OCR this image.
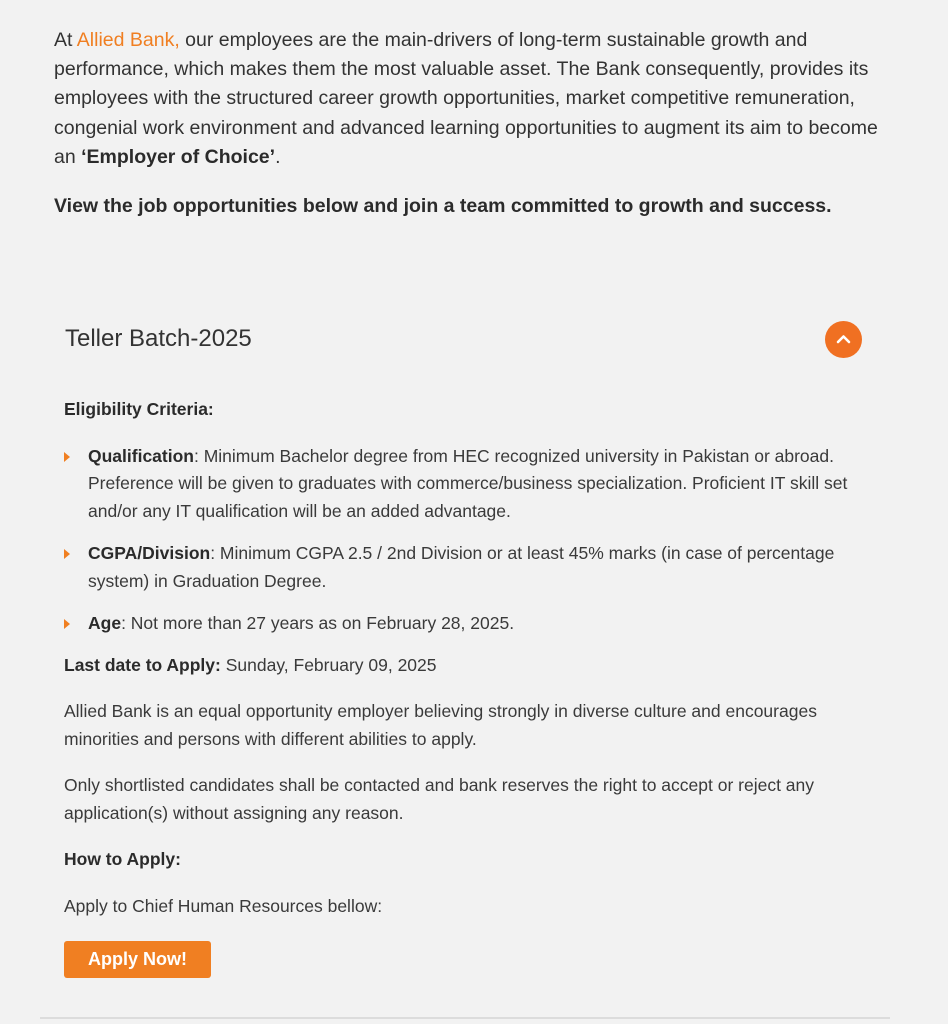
At Allied Bank, our employees are the main-drivers of long-term sustainable growth and performance, which makes them the most valuable asset. The Bank consequently, provides its employees with the structured career growth opportunities, market competitive remuneration, congenial work environment and advanced learning opportunities to augment its aim to become an ‘Employer of Choice’.

View the job opportunities below and join a team committed to growth and success.

Teller Batch-2025

Eligibility Criteria:

Qualification: Minimum Bachelor degree from HEC recognized university in Pakistan or abroad. Preference will be given to graduates with commerce/business specialization. Proficient IT skill set and/or any IT qualification will be an added advantage.
CGPA/Division: Minimum CGPA 2.5 / 2nd Division or at least 45% marks (in case of percentage system) in Graduation Degree.
Age: Not more than 27 years as on February 28, 2025.

Last date to Apply: Sunday, February 09, 2025

Allied Bank is an equal opportunity employer believing strongly in diverse culture and encourages minorities and persons with different abilities to apply.

Only shortlisted candidates shall be contacted and bank reserves the right to accept or reject any application(s) without assigning any reason.

How to Apply:

Apply to Chief Human Resources bellow:

Apply Now!
